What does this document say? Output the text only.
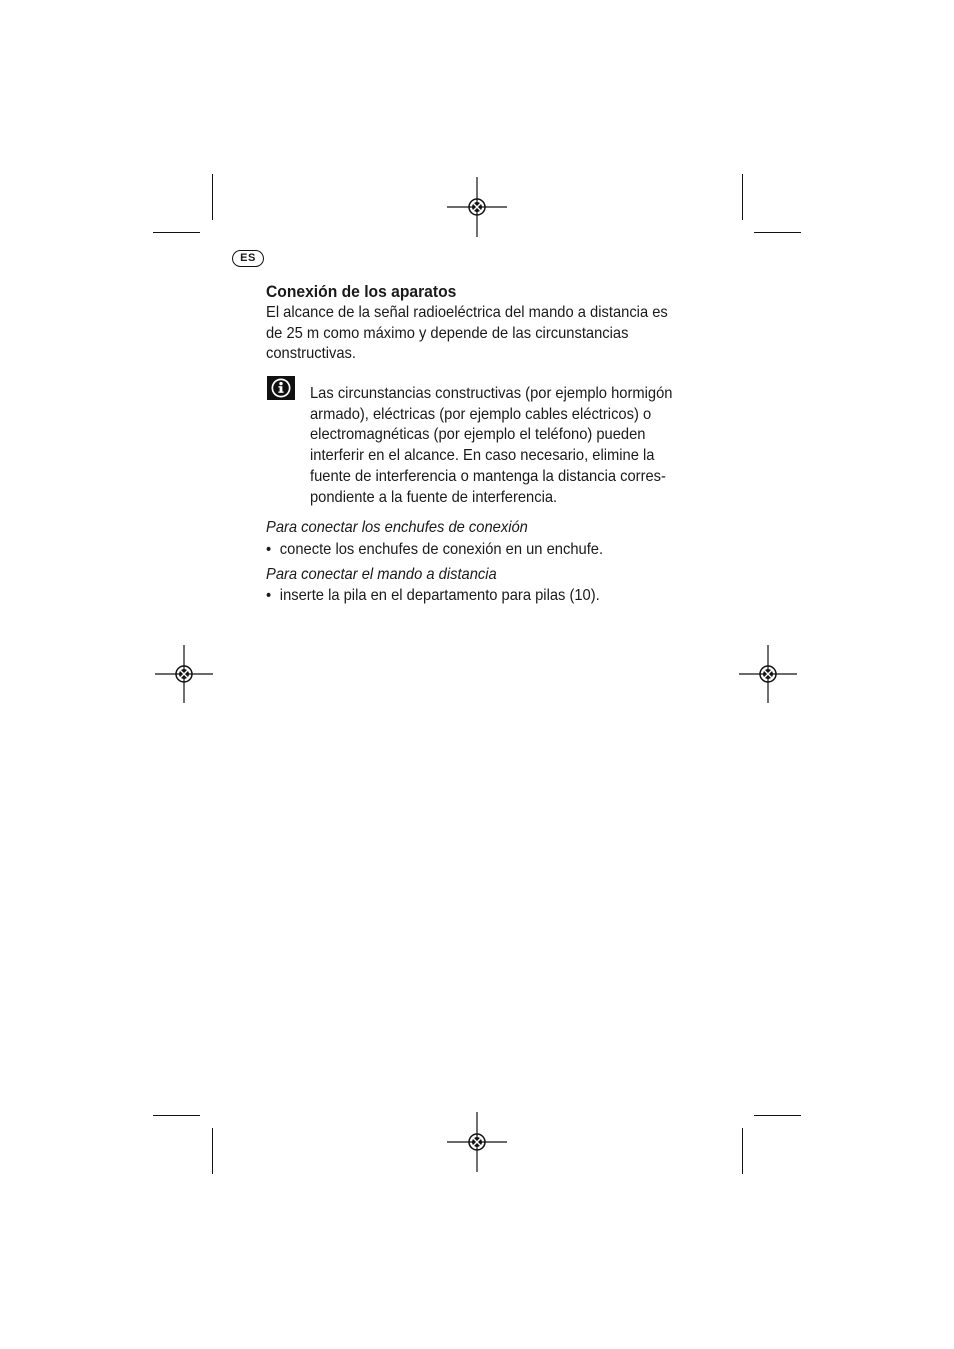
ES
Conexión de los aparatos
El alcance de la señal radioeléctrica del mando a distancia es
de 25 m como máximo y depende de las circunstancias
constructivas.
Las circunstancias constructivas (por ejemplo hormigón
armado), eléctricas (por ejemplo cables eléctricos) o
electromagnéticas (por ejemplo el teléfono) pueden
interferir en el alcance. En caso necesario, elimine la
fuente de interferencia o mantenga la distancia corres-
pondiente a la fuente de interferencia.
Para conectar los enchufes de conexión
• conecte los enchufes de conexión en un enchufe.
Para conectar el mando a distancia
• inserte la pila en el departamento para pilas (10).
